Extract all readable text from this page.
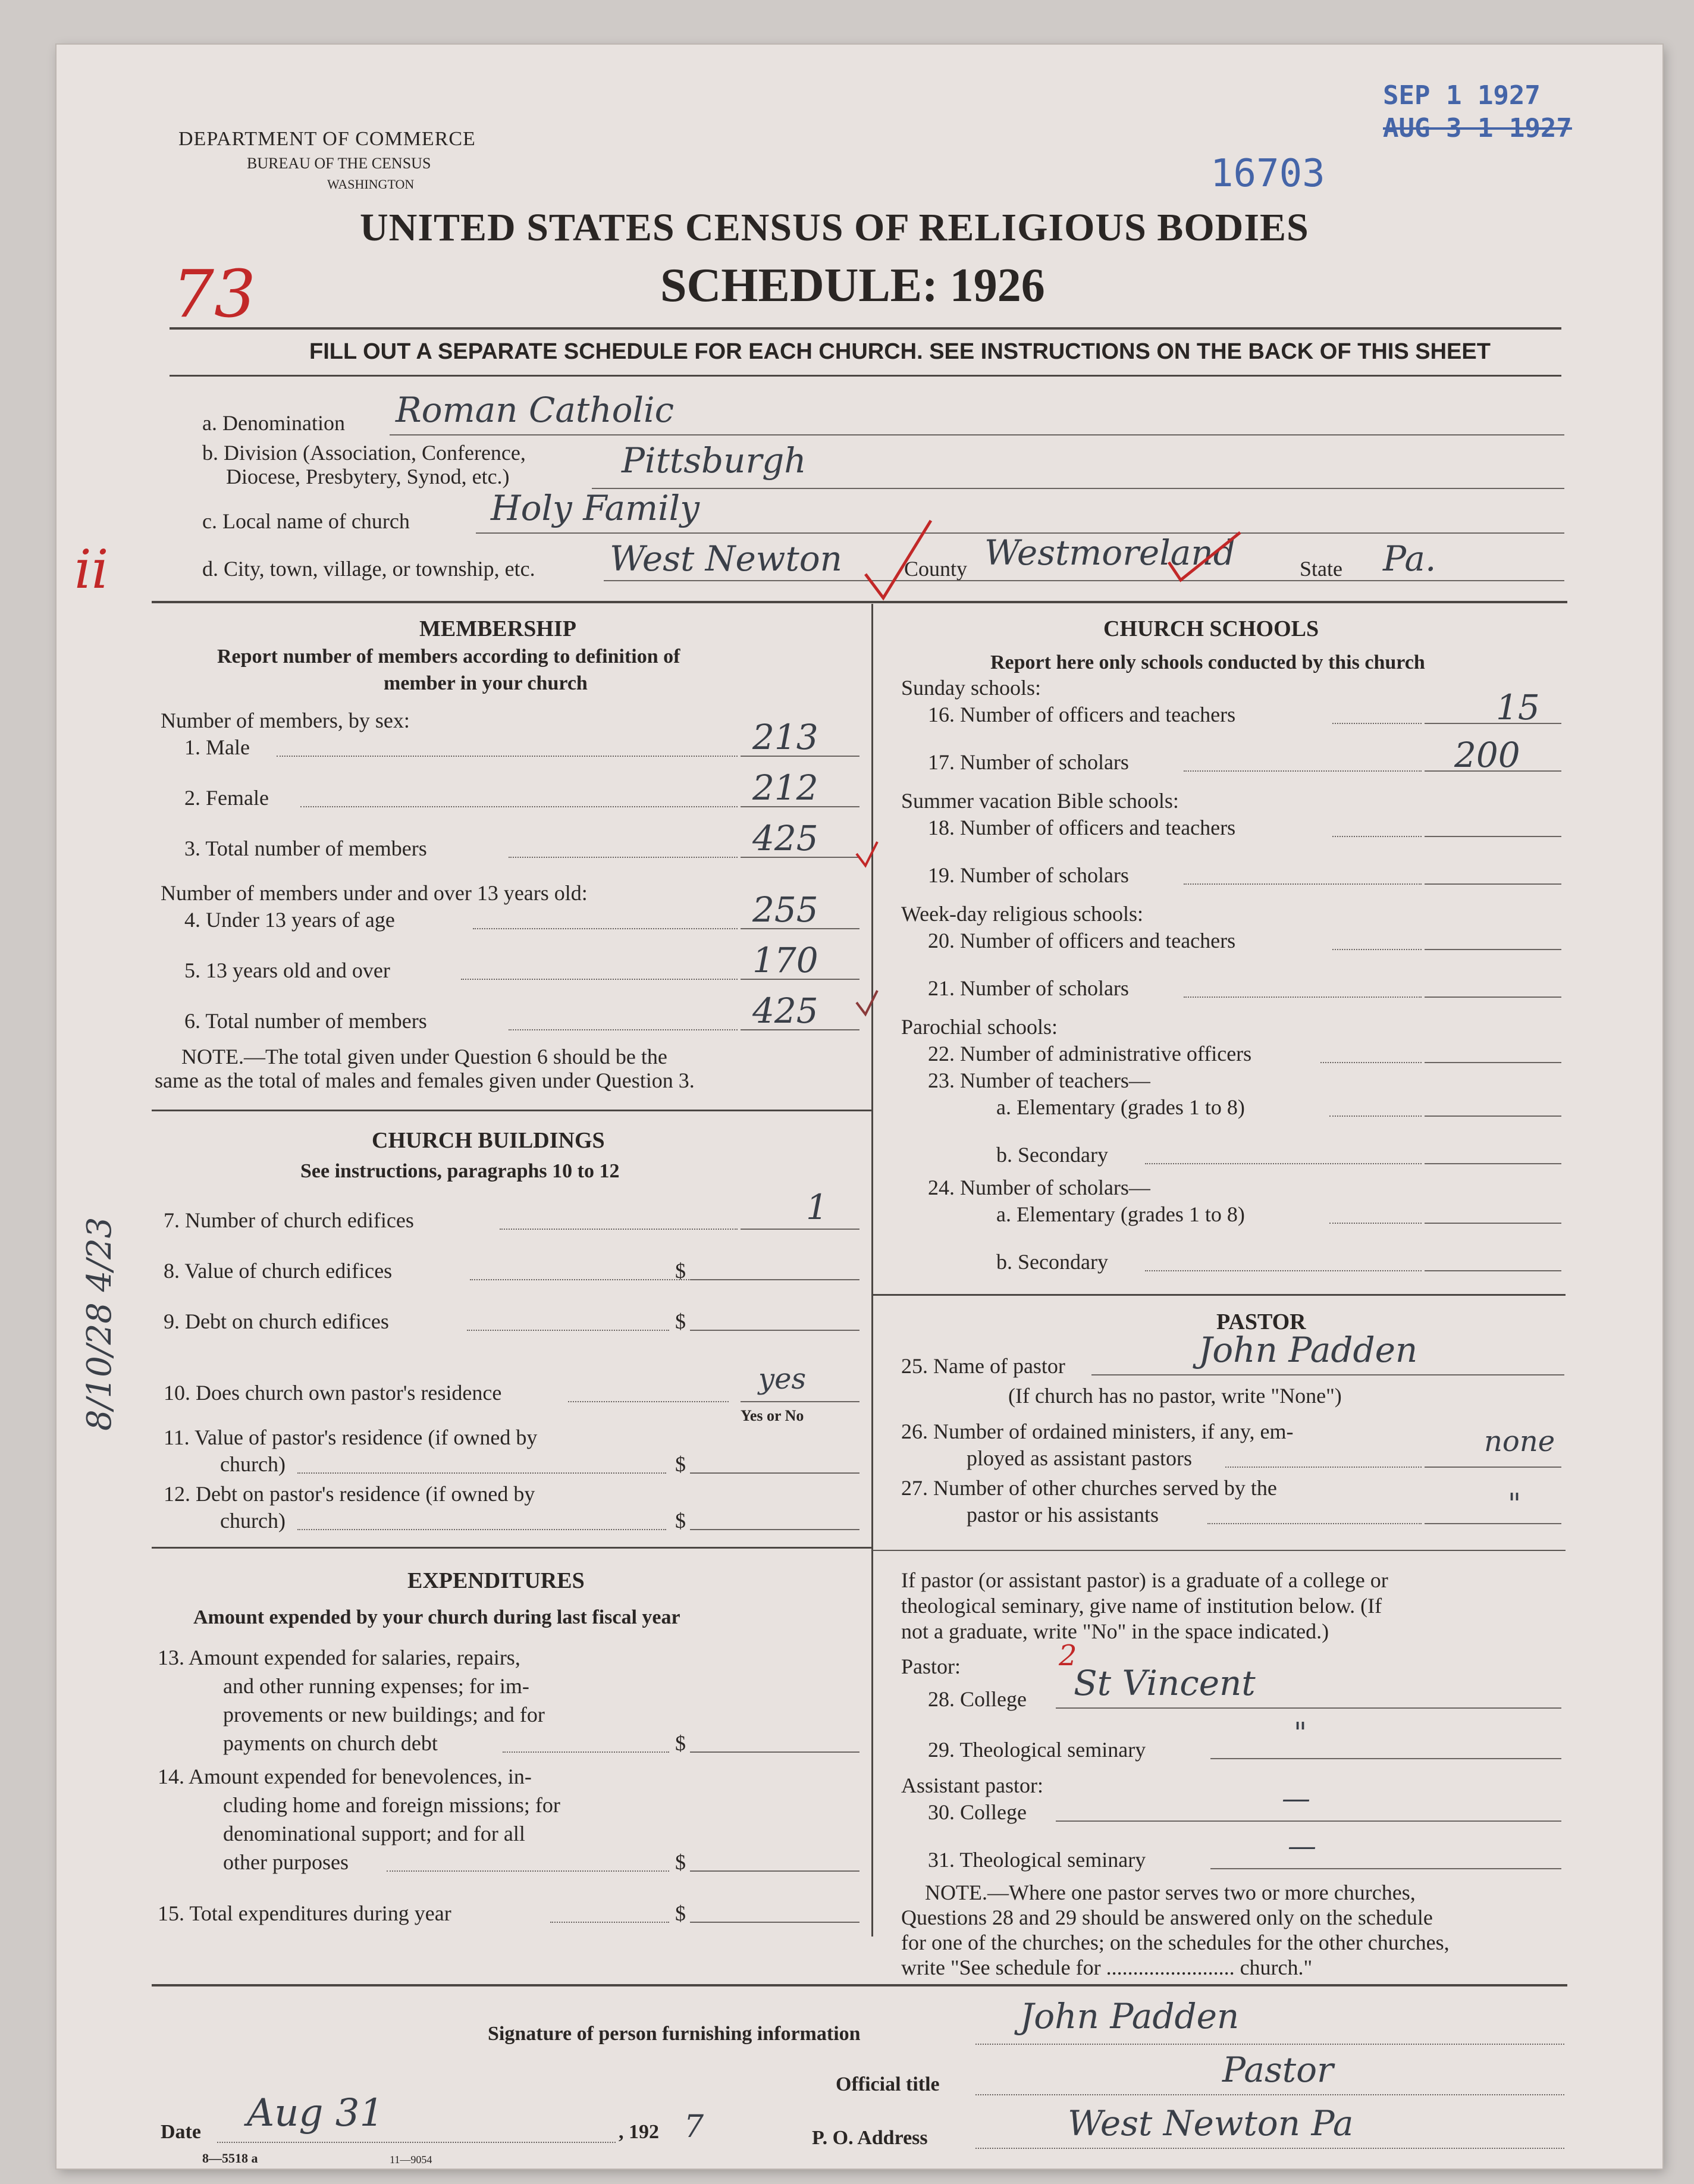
SEP 1 1927
AUG 3 1 1927
16703
DEPARTMENT OF COMMERCE
BUREAU OF THE CENSUS
WASHINGTON
UNITED STATES CENSUS OF RELIGIOUS BODIES
SCHEDULE: 1926
73
FILL OUT A SEPARATE SCHEDULE FOR EACH CHURCH. SEE INSTRUCTIONS ON THE BACK OF THIS SHEET
a. Denomination Roman Catholic
b. Division (Association, Conference,
Diocese, Presbytery, Synod, etc.)	Pittsburgh
c. Local name of church Holy Family
d. City, town, village, or township, etc. West Newton	County Westmoreland	State Pa.
ii
MEMBERSHIP
Report number of members according to definition of
member in your church
Number of members, by sex:
1. Male	213
2. Female	212
3. Total number of members	425
Number of members under and over 13 years old:
4. Under 13 years of age	255
5. 13 years old and over	170
6. Total number of members	425
NOTE.—The total given under Question 6 should be the
same as the total of males and females given under Question 3.
CHURCH BUILDINGS
See instructions, paragraphs 10 to 12
7. Number of church edifices	1
8. Value of church edifices	$
9. Debt on church edifices	$
10. Does church own pastor's residence	yes
Yes or No
11. Value of pastor's residence (if owned by
church)	$
12. Debt on pastor's residence (if owned by
church)	$
EXPENDITURES
Amount expended by your church during last fiscal year
13. Amount expended for salaries, repairs,
and other running expenses; for im-
provements or new buildings; and for
payments on church debt	$
14. Amount expended for benevolences, in-
cluding home and foreign missions; for
denominational support; and for all
other purposes	$
15. Total expenditures during year	$
CHURCH SCHOOLS
Report here only schools conducted by this church
Sunday schools:
16. Number of officers and teachers	15
17. Number of scholars	200
Summer vacation Bible schools:
18. Number of officers and teachers
19. Number of scholars
Week-day religious schools:
20. Number of officers and teachers
21. Number of scholars
Parochial schools:
22. Number of administrative officers
23. Number of teachers—
a. Elementary (grades 1 to 8)
b. Secondary
24. Number of scholars—
a. Elementary (grades 1 to 8)
b. Secondary
PASTOR
25. Name of pastor	John Padden
(If church has no pastor, write "None")
26. Number of ordained ministers, if any, em-
ployed as assistant pastors	none
27. Number of other churches served by the
pastor or his assistants	"
If pastor (or assistant pastor) is a graduate of a college or
theological seminary, give name of institution below. (If
not a graduate, write "No" in the space indicated.)
Pastor:	2
28. College St Vincent
29. Theological seminary	"
Assistant pastor:
30. College	—
31. Theological seminary	—
NOTE.—Where one pastor serves two or more churches,
Questions 28 and 29 should be answered only on the schedule
for one of the churches; on the schedules for the other churches,
write "See schedule for ........................ church."
Signature of person furnishing information	John Padden
Official title	Pastor
Date Aug 31	, 192 7	P. O. Address	West Newton Pa
8—5518 a	11—9054
8/10/28 4/23
